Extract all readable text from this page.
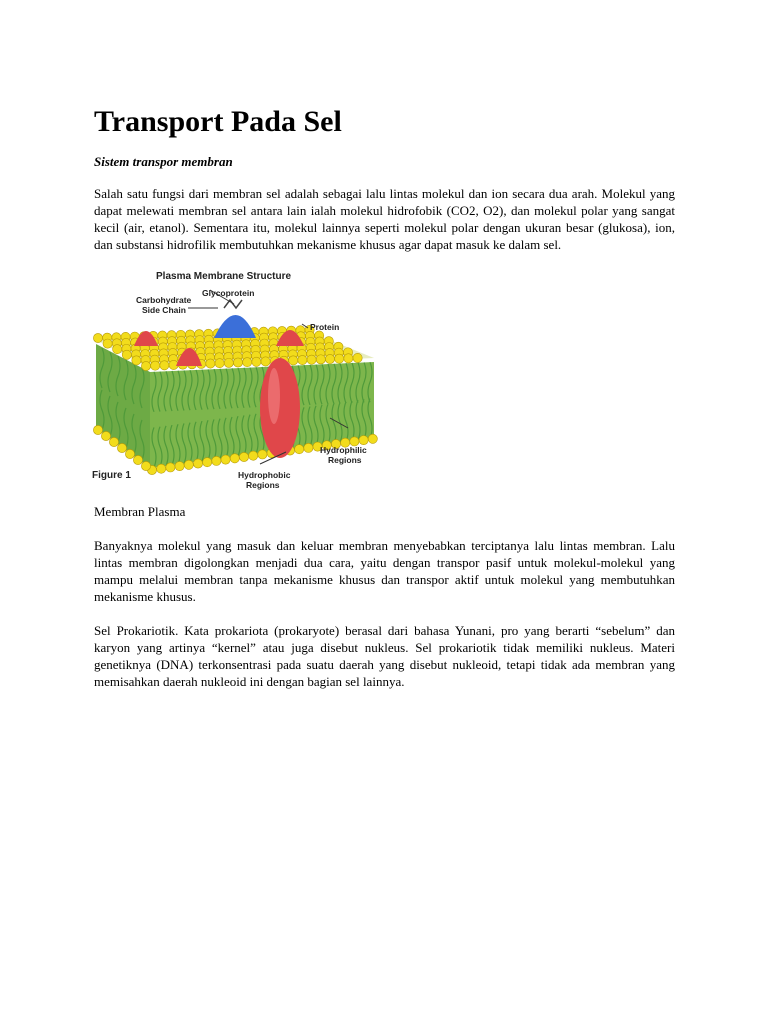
Transport Pada Sel

Sistem transpor membran

Salah satu fungsi dari membran sel adalah sebagai lalu lintas molekul dan ion secara dua arah. Molekul yang dapat melewati membran sel antara lain ialah molekul hidrofobik (CO2, O2), dan molekul polar yang sangat kecil (air, etanol). Sementara itu, molekul lainnya seperti molekul polar dengan ukuran besar (glukosa), ion, dan substansi hidrofilik membutuhkan mekanisme khusus agar dapat masuk ke dalam sel.

Plasma Membrane Structure
Glycoprotein
Carbohydrate
Side Chain
Protein
Hydrophilic
Regions
Hydrophobic
Regions
Figure 1

Membran Plasma

Banyaknya molekul yang masuk dan keluar membran menyebabkan terciptanya lalu lintas membran. Lalu lintas membran digolongkan menjadi dua cara, yaitu dengan transpor pasif untuk molekul-molekul yang mampu melalui membran tanpa mekanisme khusus dan transpor aktif untuk molekul yang membutuhkan mekanisme khusus.

Sel Prokariotik. Kata prokariota (prokaryote) berasal dari bahasa Yunani, pro yang berarti “sebelum” dan karyon yang artinya “kernel” atau juga disebut nukleus. Sel prokariotik tidak memiliki nukleus. Materi genetiknya (DNA) terkonsentrasi pada suatu daerah yang disebut nukleoid, tetapi tidak ada membran yang memisahkan daerah nukleoid ini dengan bagian sel lainnya.
